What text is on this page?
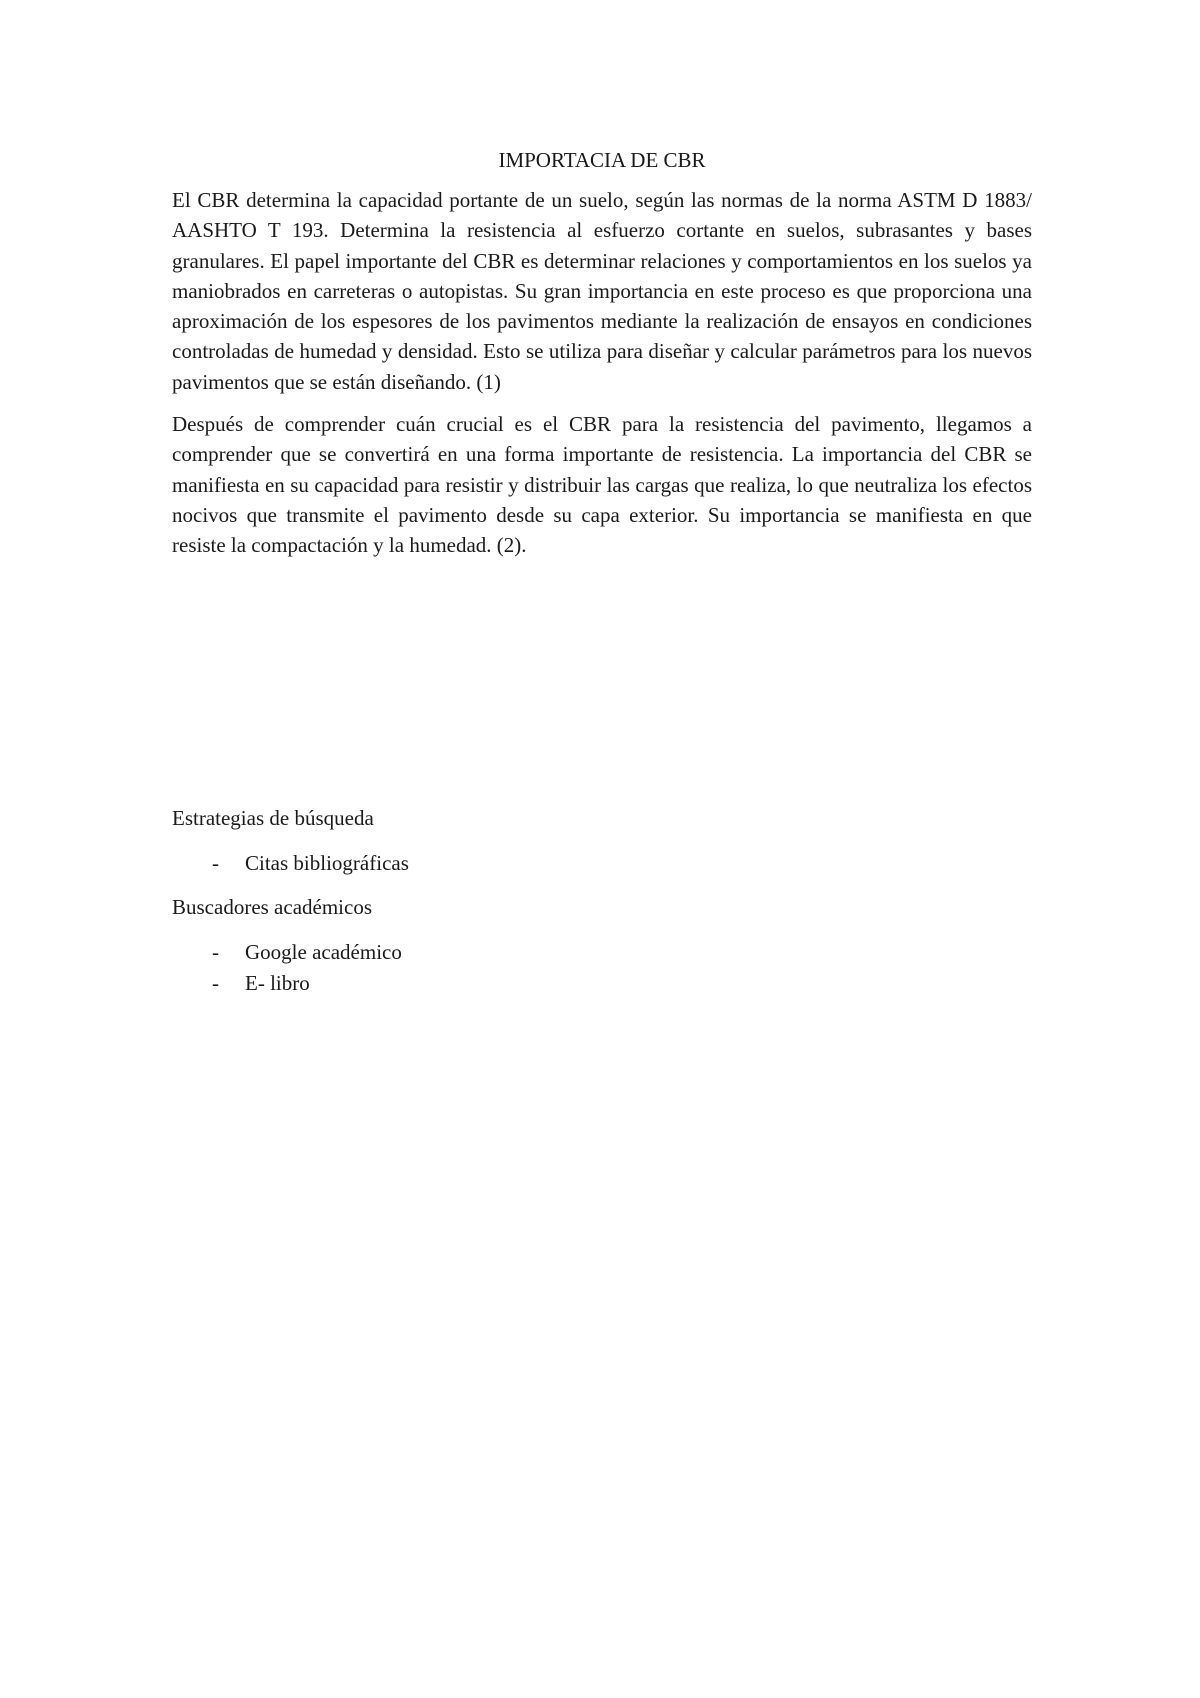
IMPORTACIA DE CBR

El CBR determina la capacidad portante de un suelo, según las normas de la norma ASTM D 1883/ AASHTO T 193. Determina la resistencia al esfuerzo cortante en suelos, subrasantes y bases granulares. El papel importante del CBR es determinar relaciones y comportamientos en los suelos ya maniobrados en carreteras o autopistas. Su gran importancia en este proceso es que proporciona una aproximación de los espesores de los pavimentos mediante la realización de ensayos en condiciones controladas de humedad y densidad. Esto se utiliza para diseñar y calcular parámetros para los nuevos pavimentos que se están diseñando. (1)

Después de comprender cuán crucial es el CBR para la resistencia del pavimento, llegamos a comprender que se convertirá en una forma importante de resistencia. La importancia del CBR se manifiesta en su capacidad para resistir y distribuir las cargas que realiza, lo que neutraliza los efectos nocivos que transmite el pavimento desde su capa exterior. Su importancia se manifiesta en que resiste la compactación y la humedad. (2).

Estrategias de búsqueda

- Citas bibliográficas

Buscadores académicos

- Google académico
- E- libro
